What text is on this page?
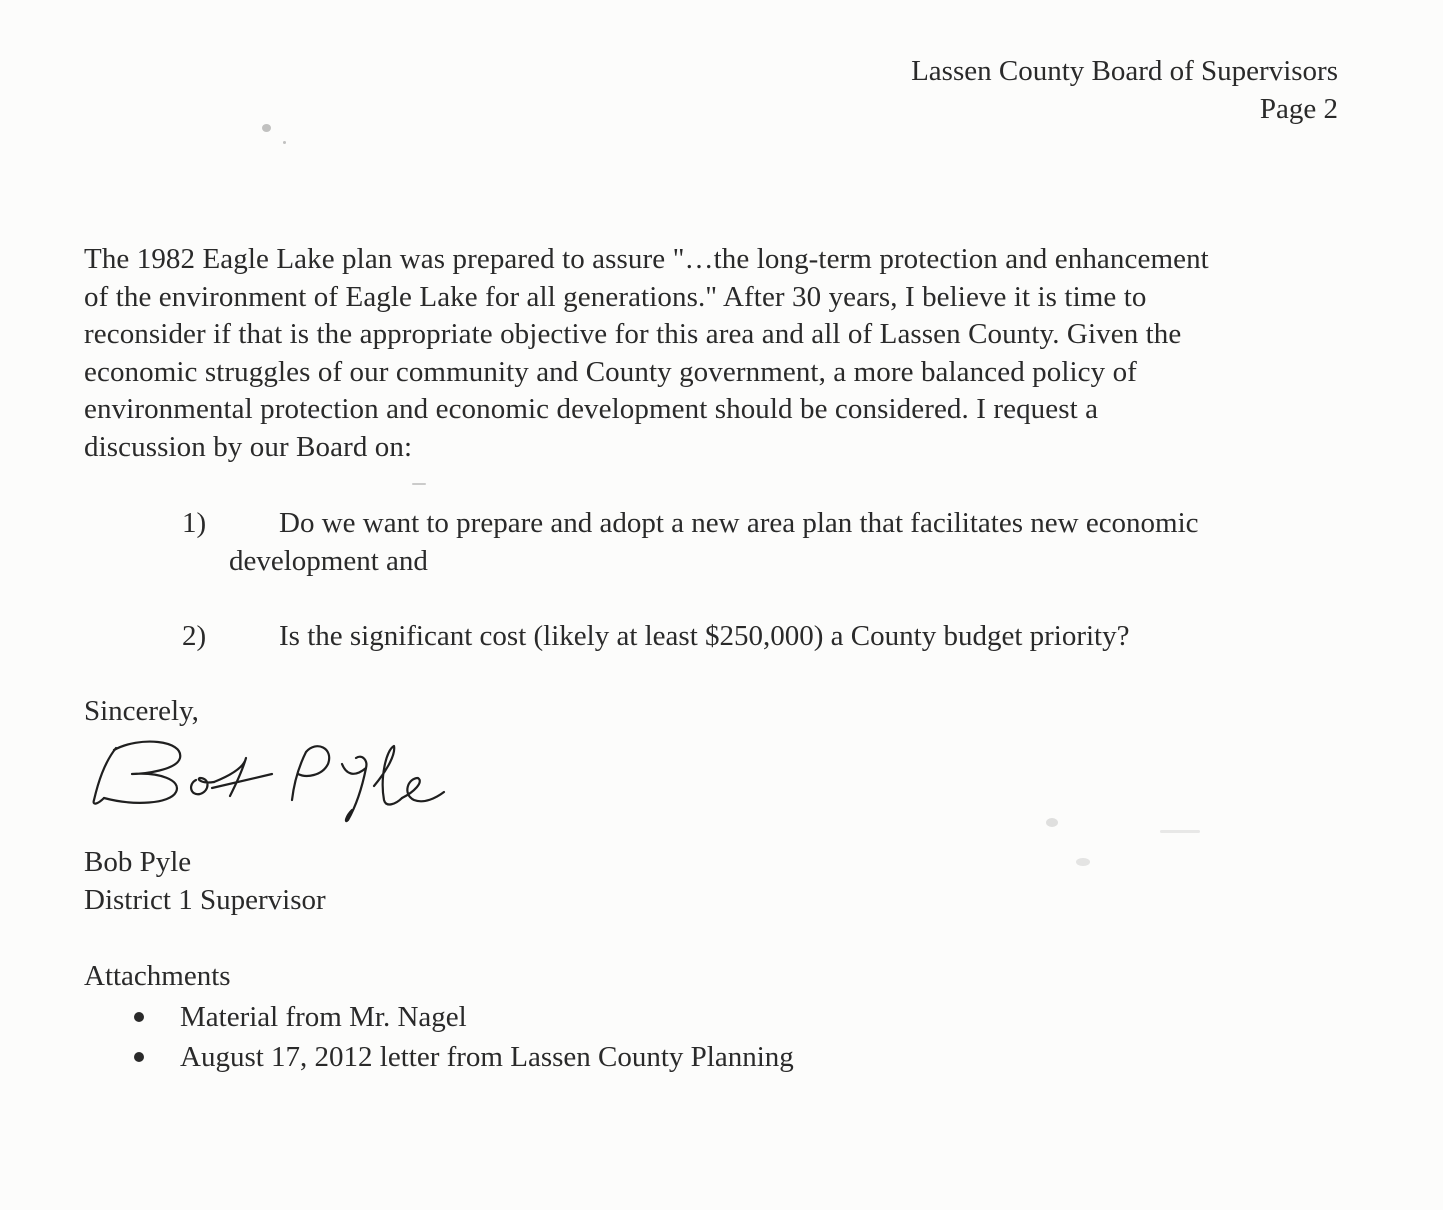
Lassen County Board of Supervisors
Page 2
The 1982 Eagle Lake plan was prepared to assure "…the long-term protection and enhancement
of the environment of Eagle Lake for all generations." After 30 years, I believe it is time to
reconsider if that is the appropriate objective for this area and all of Lassen County. Given the
economic struggles of our community and County government, a more balanced policy of
environmental protection and economic development should be considered. I request a
discussion by our Board on:
1)	Do we want to prepare and adopt a new area plan that facilitates new economic
development and
2)	Is the significant cost (likely at least $250,000) a County budget priority?
Sincerely,
Bob Pyle
District 1 Supervisor
Attachments
Material from Mr. Nagel
August 17, 2012 letter from Lassen County Planning
